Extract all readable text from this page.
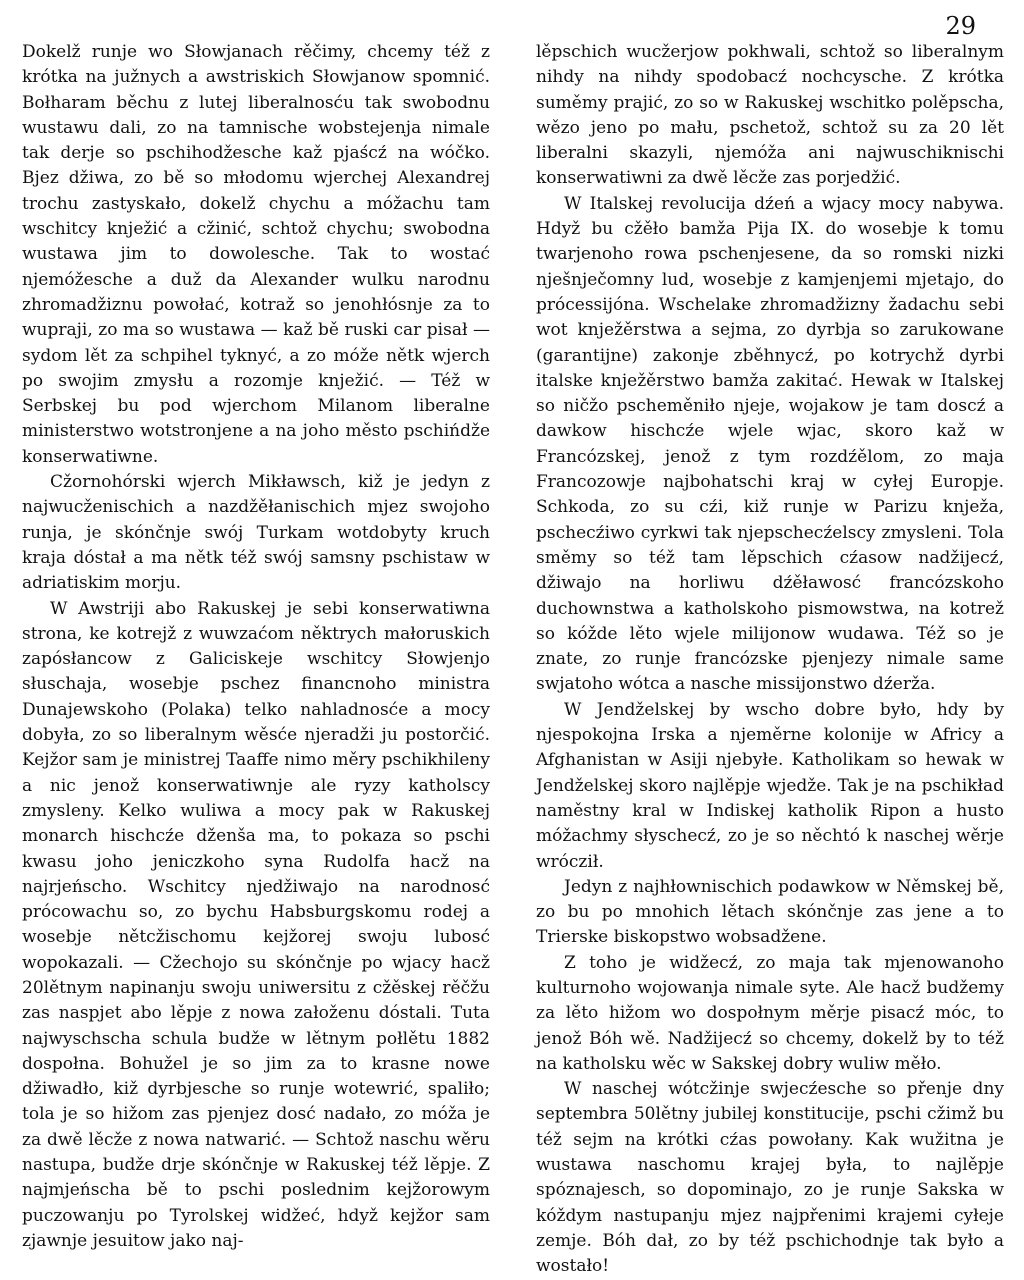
29

Dokelž runje wo Słowjanach rěčimy, chcemy též z krótka na južnych a awstriskich Słowjanow spomnić. Bołharam běchu z lutej liberalnosću tak swobodnu wustawu dali, zo na tamnische wobstejenja nimale tak derje so pschihodžesche kaž pjaścź na wóčko. Bjez džiwa, zo bě so młodomu wjerchej Alexandrej trochu zastyskało, dokelž chychu a móžachu tam wschitcy knježić a cžinić, schtož chychu; swobodna wustawa jim to dowolesche. Tak to wostać njemóžesche a duž da Alexander wulku narodnu zhromadžiznu powołać, kotraž so jenohłósnje za to wupraji, zo ma so wustawa — kaž bě ruski car pisał — sydom lět za schpihel tyknyć, a zo móže nětk wjerch po swojim zmysłu a rozomje knježić. — Též w Serbskej bu pod wjerchom Milanom liberalne ministerstwo wotstronjene a na joho město pschińdže konserwatiwne.

Cžornohórski wjerch Mikławsch, kiž je jedyn z najwucženischich a nazdžěłanischich mjez swojoho runja, je skónčnje swój Turkam wotdobyty kruch kraja dóstał a ma nětk též swój samsny pschistaw w adriatiskim morju.

W Awstriji abo Rakuskej je sebi konserwatiwna strona, ke kotrejž z wuwzaćom něktrych małoruskich zapósłancow z Galiciskeje wschitcy Słowjenjo słuschaja, wosebje pschez financnoho ministra Dunajewskoho (Polaka) telko nahladnosće a mocy dobyła, zo so liberalnym wěsće njeradži ju postorčić. Kejžor sam je ministrej Taaffe nimo měry pschikhileny a nic jenož konserwatiwnje ale ryzy katholscy zmysleny. Kelko wuliwa a mocy pak w Rakuskej monarch hischcźe dženša ma, to pokaza so pschi kwasu joho jeniczkoho syna Rudolfa hacž na najrjeńscho. Wschitcy njedžiwajo na narodnosć prócowachu so, zo bychu Habsburgskomu rodej a wosebje nětcžischomu kejžorej swoju lubosć wopokazali. — Cžechojo su skónčnje po wjacy hacž 20lětnym napinanju swoju uniwersitu z cžěskej rěčžu zas naspjet abo lěpje z nowa załoženu dóstali. Tuta najwyschscha schula budže w lětnym połlětu 1882 dospołna. Bohužel je so jim za to krasne nowe džiwadło, kiž dyrbjesche so runje wotewrić, spaliło; tola je so hižom zas pjenjez dosć nadało, zo móža je za dwě lěcže z nowa natwarić. — Schtož naschu wěru nastupa, budže drje skónčnje w Rakuskej též lěpje. Z najmjeńscha bě to pschi poslednim kejžorowym puczowanju po Tyrolskej widžeć, hdyž kejžor sam zjawnje jesuitow jako naj-

lěpschich wucžerjow pokhwali, schtož so liberalnym nihdy na nihdy spodobacź nochcysche. Z krótka suměmy prajić, zo so w Rakuskej wschitko polěpscha, wězo jeno po mału, pschetož, schtož su za 20 lět liberalni skazyli, njemóža ani najwuschiknischi konserwatiwni za dwě lěcže zas porjedžić.

W Italskej revolucija dźeń a wjacy mocy nabywa. Hdyž bu cžěło bamža Pija IX. do wosebje k tomu twarjenoho rowa pschenjesene, da so romski nizki nješnječomny lud, wosebje z kamjenjemi mjetajo, do prócessijóna. Wschelake zhromadžizny žadachu sebi wot knježěrstwa a sejma, zo dyrbja so zarukowane (garantijne) zakonje zběhnycź, po kotrychž dyrbi italske knježěrstwo bamža zakitać. Hewak w Italskej so ničžo pscheměniło njeje, wojakow je tam doscź a dawkow hischcźe wjele wjac, skoro kaž w Francózskej, jenož z tym rozdźělom, zo maja Francozowje najbohatschi kraj w cyłej Europje. Schkoda, zo su cźi, kiž runje w Parizu knježa, pschecźiwo cyrkwi tak njepschecźelscy zmysleni. Tola směmy so též tam lěpschich cźasow nadžijecź, džiwajo na horliwu dźěławosć francózskoho duchownstwa a katholskoho pismowstwa, na kotrež so kóžde lěto wjele milijonow wudawa. Též so je znate, zo runje francózske pjenjezy nimale same swjatoho wótca a nasche missijonstwo dźerža.

W Jendželskej by wscho dobre było, hdy by njespokojna Irska a njeměrne kolonije w Africy a Afghanistan w Asiji njebyłe. Katholikam so hewak w Jendželskej skoro najlěpje wjedže. Tak je na pschikład naměstny kral w Indiskej katholik Ripon a husto móžachmy słyschecź, zo je so něchtó k naschej wěrje wrócził.

Jedyn z najhłownischich podawkow w Němskej bě, zo bu po mnohich lětach skónčnje zas jene a to Trierske biskopstwo wobsadžene.

Z toho je widžecź, zo maja tak mjenowanoho kulturnoho wojowanja nimale syte. Ale hacž budžemy za lěto hižom wo dospołnym měrje pisacź móc, to jenož Bóh wě. Nadžijecź so chcemy, dokelž by to též na katholsku wěc w Sakskej dobry wuliw měło.

W naschej wótcžinje swjecźesche so přenje dny septembra 50lětny jubilej konstitucije, pschi cžimž bu též sejm na krótki cźas powołany. Kak wužitna je wustawa naschomu krajej była, to najlěpje spóznajesch, so dopominajo, zo je runje Sakska w kóždym nastupanju mjez najpřenimi krajemi cyłeje zemje. Bóh dał, zo by též pschichodnje tak było a wostało!
